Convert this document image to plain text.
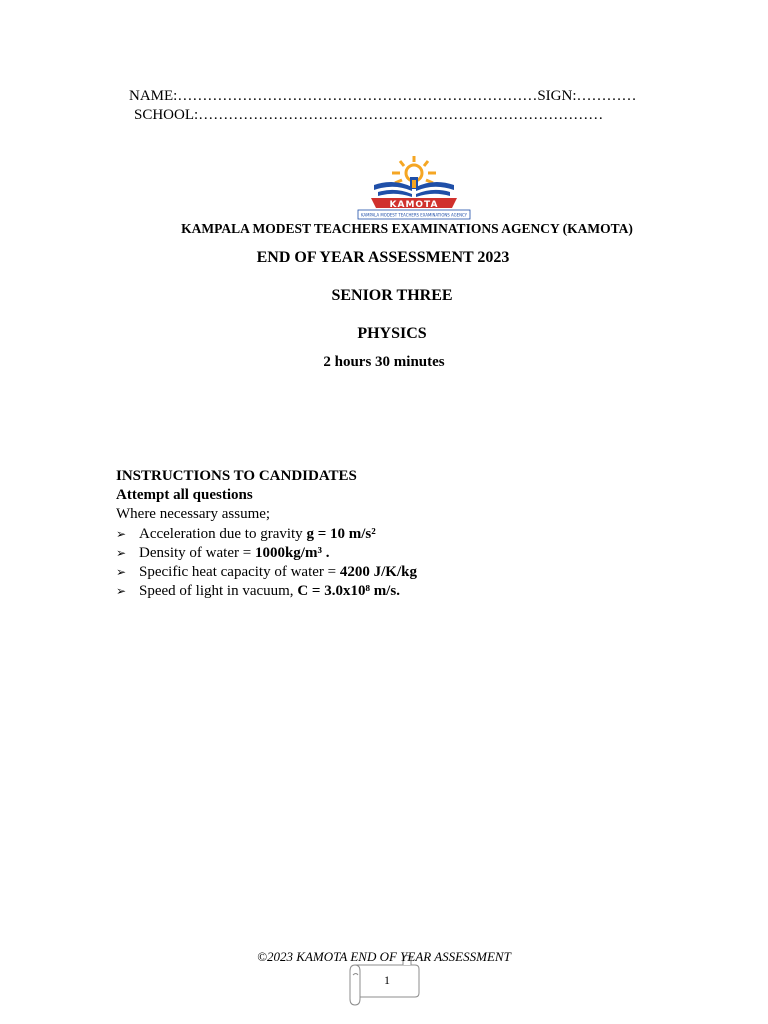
NAME:………………………………………………………………SIGN:…………
SCHOOL:………………………………………………………………………
KAMOTA
KAMPALA MODEST TEACHERS EXAMINATIONS AGENCY
KAMPALA MODEST TEACHERS EXAMINATIONS AGENCY (KAMOTA)
END OF YEAR ASSESSMENT 2023
SENIOR THREE
PHYSICS
2 hours 30 minutes
INSTRUCTIONS TO CANDIDATES
Attempt all questions
Where necessary assume;
➢ Acceleration due to gravity g = 10 m/s²
➢ Density of water = 1000kg/m³ .
➢ Specific heat capacity of water = 4200 J/K/kg
➢ Speed of light in vacuum, C = 3.0x10⁸ m/s.
©2023 KAMOTA END OF YEAR ASSESSMENT
1
